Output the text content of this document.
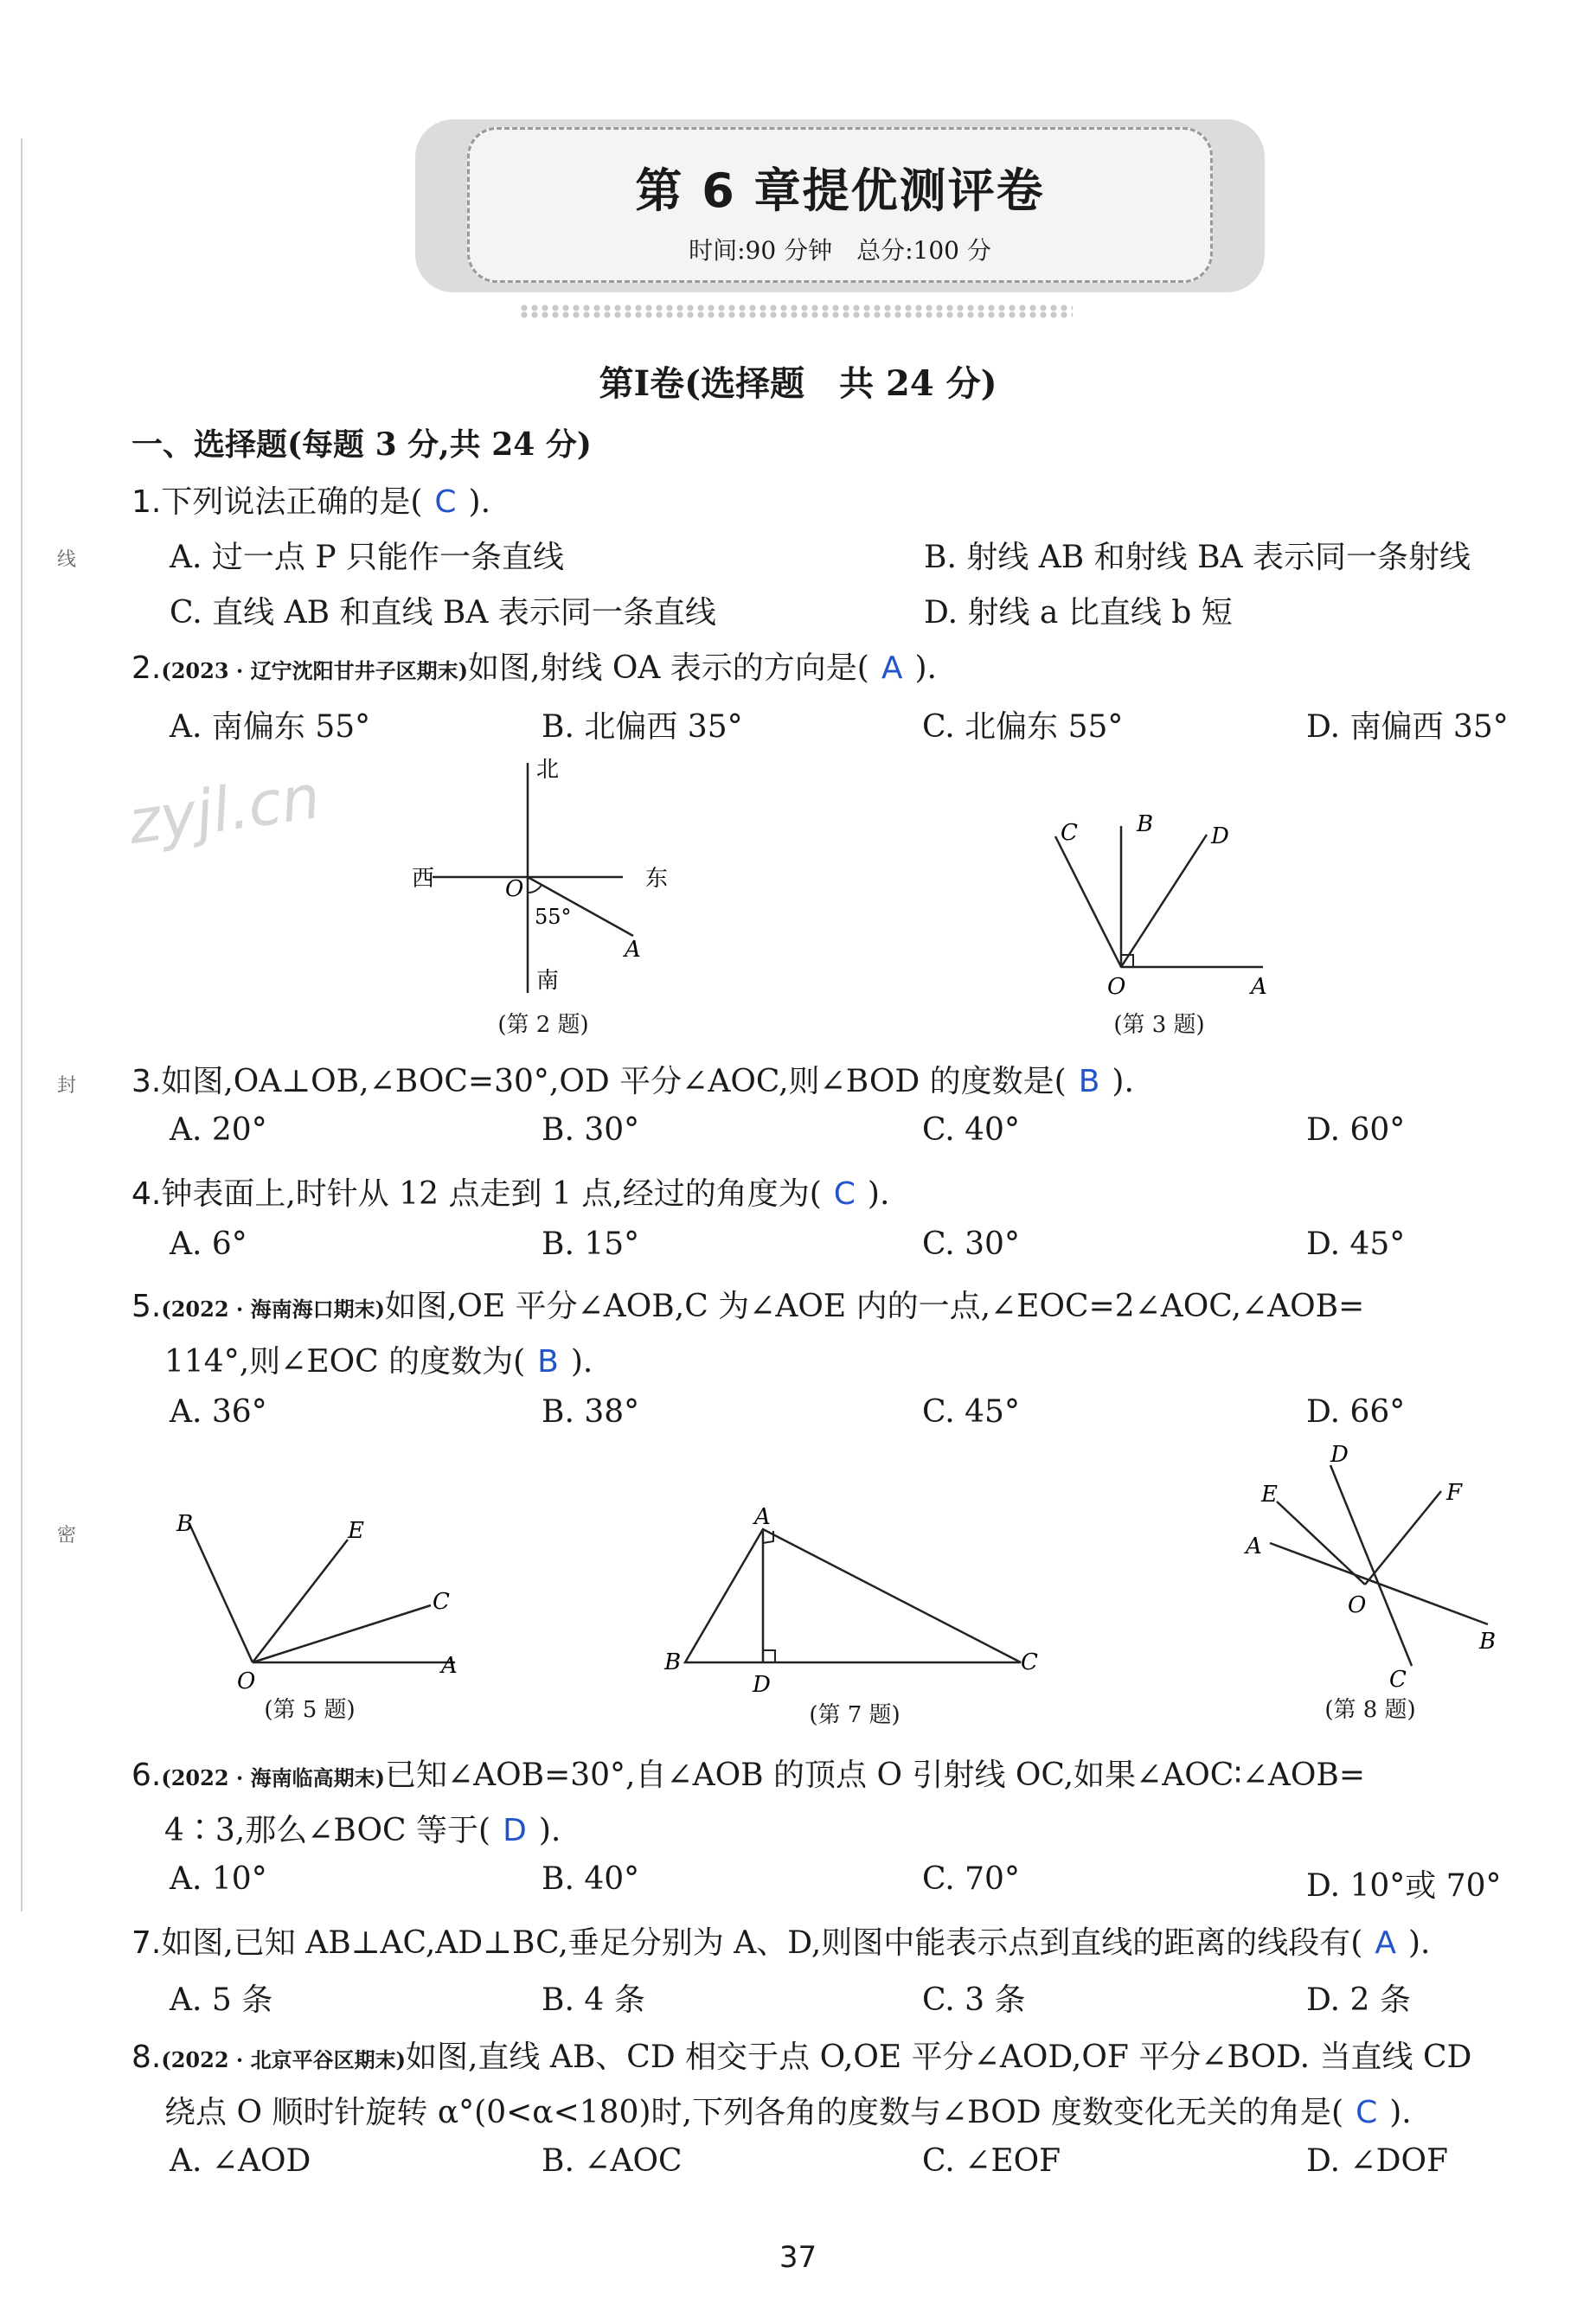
线
封
密
第 6 章提优测评卷
时间:90 分钟　总分:100 分
第Ⅰ卷(选择题　共 24 分)
一、选择题(每题 3 分,共 24 分)
zyjl.cn
1.下列说法正确的是( C ).
A. 过一点 P 只能作一条直线	B. 射线 AB 和射线 BA 表示同一条射线
C. 直线 AB 和直线 BA 表示同一条直线	D. 射线 a 比直线 b 短
2.(2023 · 辽宁沈阳甘井子区期末)如图,射线 OA 表示的方向是( A ).
A. 南偏东 55°	B. 北偏西 35°	C. 北偏东 55°	D. 南偏西 35°
北
西	东
O
55°
A
南
(第 2 题)
C	B	D
O	A
(第 3 题)
3.如图,OA⊥OB,∠BOC=30°,OD 平分∠AOC,则∠BOD 的度数是( B ).
A. 20°	B. 30°	C. 40°	D. 60°
4.钟表面上,时针从 12 点走到 1 点,经过的角度为( C ).
A. 6°	B. 15°	C. 30°	D. 45°
5.(2022 · 海南海口期末)如图,OE 平分∠AOB,C 为∠AOE 内的一点,∠EOC=2∠AOC,∠AOB=
114°,则∠EOC 的度数为( B ).
A. 36°	B. 38°	C. 45°	D. 66°
B	E
C
O
A
(第 5 题)
A
B	C
D
(第 7 题)
E
D
F
A
O
B
C
(第 8 题)
6.(2022 · 海南临高期末)已知∠AOB=30°,自∠AOB 的顶点 O 引射线 OC,如果∠AOC∶∠AOB=
4∶3,那么∠BOC 等于( D ).
A. 10°	B. 40°	C. 70°	D. 10°或 70°
7.如图,已知 AB⊥AC,AD⊥BC,垂足分别为 A、D,则图中能表示点到直线的距离的线段有( A ).
A. 5 条	B. 4 条	C. 3 条	D. 2 条
8.(2022 · 北京平谷区期末)如图,直线 AB、CD 相交于点 O,OE 平分∠AOD,OF 平分∠BOD. 当直线 CD
绕点 O 顺时针旋转 α°(0<α<180)时,下列各角的度数与∠BOD 度数变化无关的角是( C ).
A. ∠AOD	B. ∠AOC	C. ∠EOF	D. ∠DOF
37
